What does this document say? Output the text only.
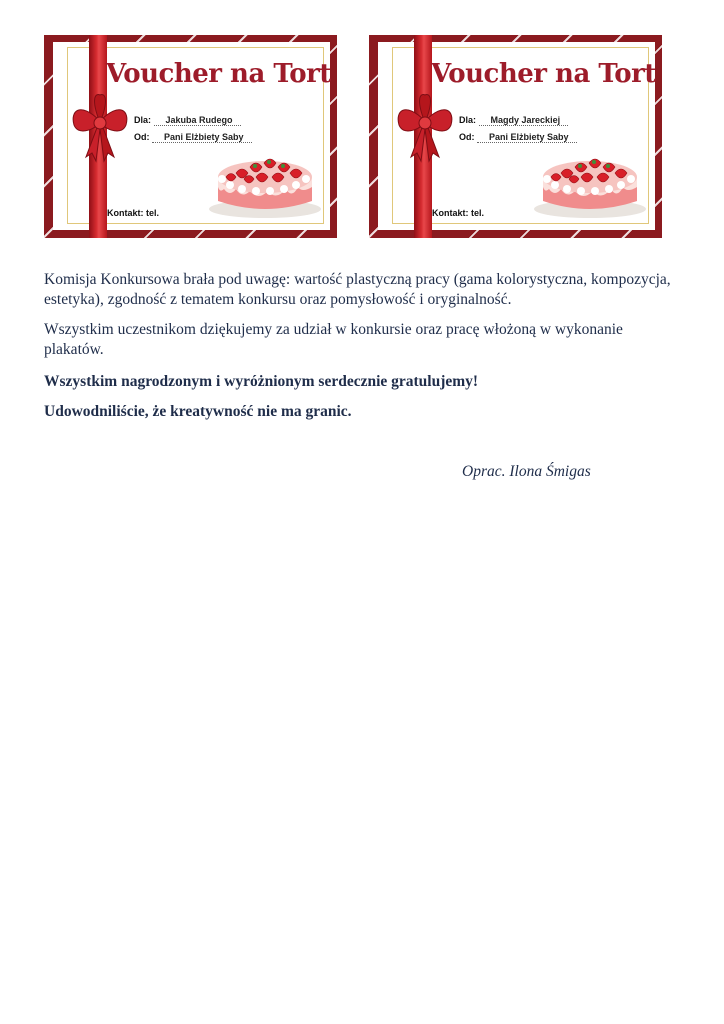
Voucher na Tort
Dla: Jakuba Rudego
Od: Pani Elżbiety Saby
Kontakt: tel.
Voucher na Tort
Dla: Magdy Jareckiej
Od: Pani Elżbiety Saby
Kontakt: tel.

Komisja Konkursowa brała pod uwagę: wartość plastyczną pracy (gama kolorystyczna, kompozycja, estetyka), zgodność z tematem konkursu oraz pomysłowość i oryginalność.

Wszystkim uczestnikom dziękujemy za udział w konkursie oraz pracę włożoną w wykonanie plakatów.

Wszystkim nagrodzonym i wyróżnionym serdecznie gratulujemy!

Udowodniliście, że kreatywność nie ma granic.

Oprac. Ilona Śmigas
